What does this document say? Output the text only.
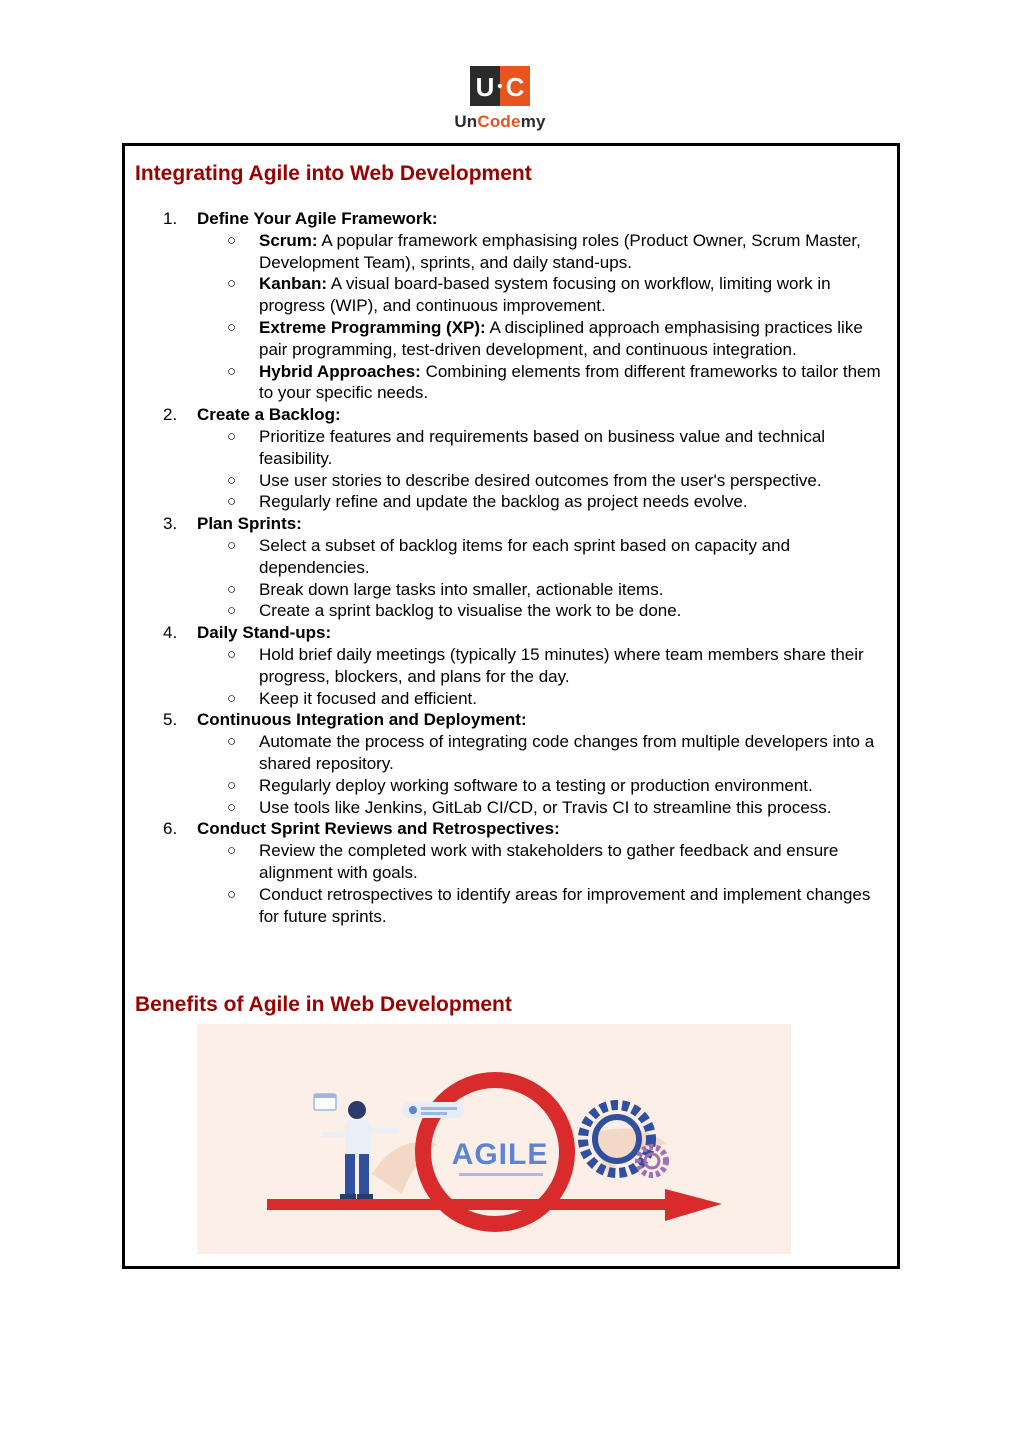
U C
UnCodemy
Integrating Agile into Web Development
1. Define Your Agile Framework:
○ Scrum: A popular framework emphasising roles (Product Owner, Scrum Master, Development Team), sprints, and daily stand-ups.
○ Kanban: A visual board-based system focusing on workflow, limiting work in progress (WIP), and continuous improvement.
○ Extreme Programming (XP): A disciplined approach emphasising practices like pair programming, test-driven development, and continuous integration.
○ Hybrid Approaches: Combining elements from different frameworks to tailor them to your specific needs.
2. Create a Backlog:
○ Prioritize features and requirements based on business value and technical feasibility.
○ Use user stories to describe desired outcomes from the user's perspective.
○ Regularly refine and update the backlog as project needs evolve.
3. Plan Sprints:
○ Select a subset of backlog items for each sprint based on capacity and dependencies.
○ Break down large tasks into smaller, actionable items.
○ Create a sprint backlog to visualise the work to be done.
4. Daily Stand-ups:
○ Hold brief daily meetings (typically 15 minutes) where team members share their progress, blockers, and plans for the day.
○ Keep it focused and efficient.
5. Continuous Integration and Deployment:
○ Automate the process of integrating code changes from multiple developers into a shared repository.
○ Regularly deploy working software to a testing or production environment.
○ Use tools like Jenkins, GitLab CI/CD, or Travis CI to streamline this process.
6. Conduct Sprint Reviews and Retrospectives:
○ Review the completed work with stakeholders to gather feedback and ensure alignment with goals.
○ Conduct retrospectives to identify areas for improvement and implement changes for future sprints.
Benefits of Agile in Web Development
AGILE
